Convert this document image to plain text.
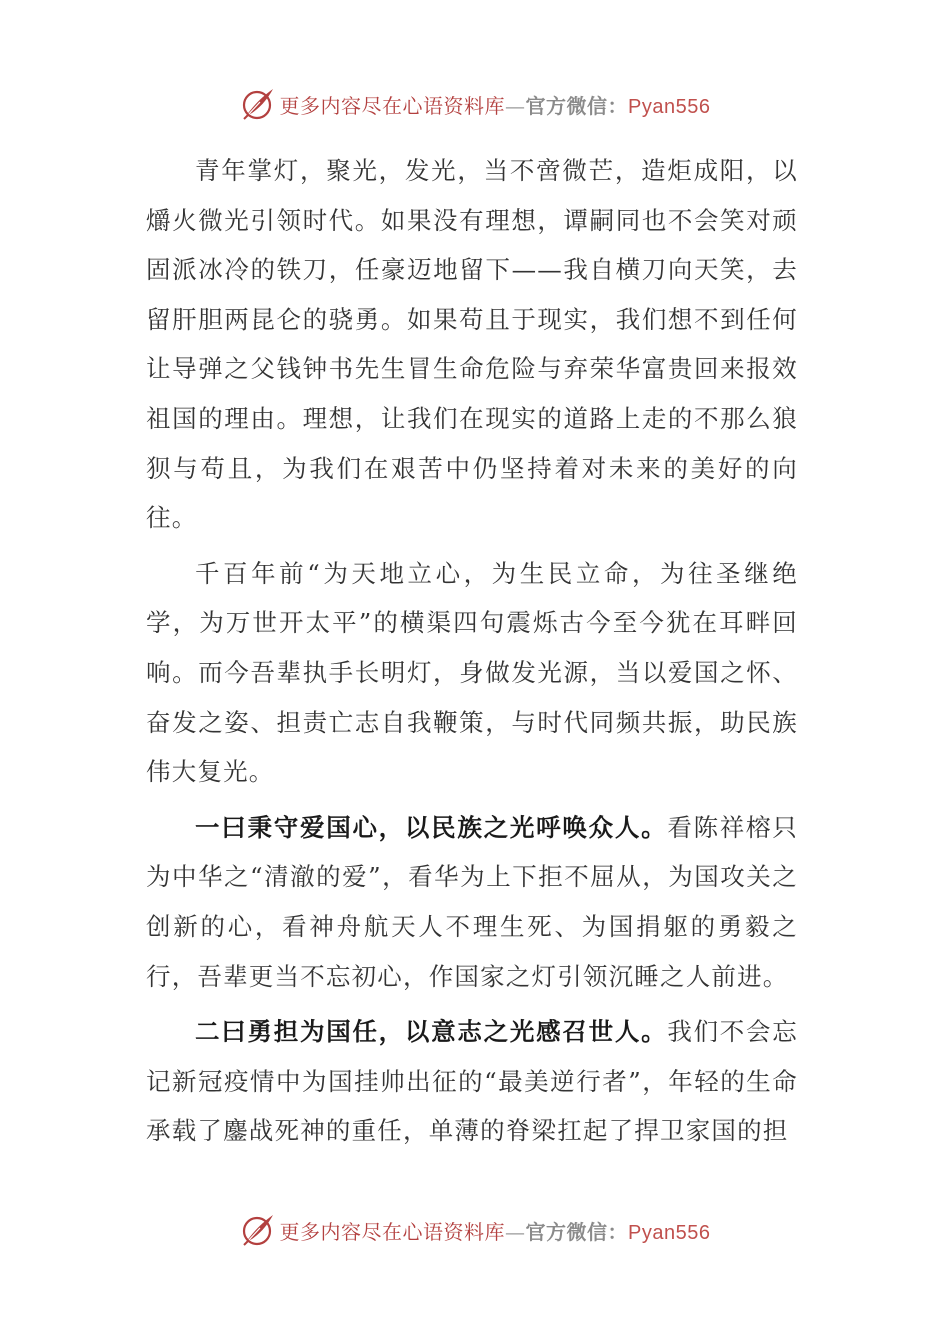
更多内容尽在心语资料库—官方微信：Pyan556

青年掌灯，聚光，发光，当不啻微芒，造炬成阳，以爝火微光引领时代。如果没有理想，谭嗣同也不会笑对顽固派冰冷的铁刀，任豪迈地留下——我自横刀向天笑，去留肝胆两昆仑的骁勇。如果苟且于现实，我们想不到任何让导弹之父钱钟书先生冒生命危险与弃荣华富贵回来报效祖国的理由。理想，让我们在现实的道路上走的不那么狼狈与苟且，为我们在艰苦中仍坚持着对未来的美好的向往。

千百年前“为天地立心，为生民立命，为往圣继绝学，为万世开太平”的横渠四句震烁古今至今犹在耳畔回响。而今吾辈执手长明灯，身做发光源，当以爱国之怀、奋发之姿、担责亡志自我鞭策，与时代同频共振，助民族伟大复光。

一曰秉守爱国心，以民族之光呼唤众人。看陈祥榕只为中华之“清澈的爱”，看华为上下拒不屈从，为国攻关之创新的心，看神舟航天人不理生死、为国捐躯的勇毅之行，吾辈更当不忘初心，作国家之灯引领沉睡之人前进。

二曰勇担为国任，以意志之光感召世人。我们不会忘记新冠疫情中为国挂帅出征的“最美逆行者”，年轻的生命承载了鏖战死神的重任，单薄的脊梁扛起了捍卫家国的担

更多内容尽在心语资料库—官方微信：Pyan556
